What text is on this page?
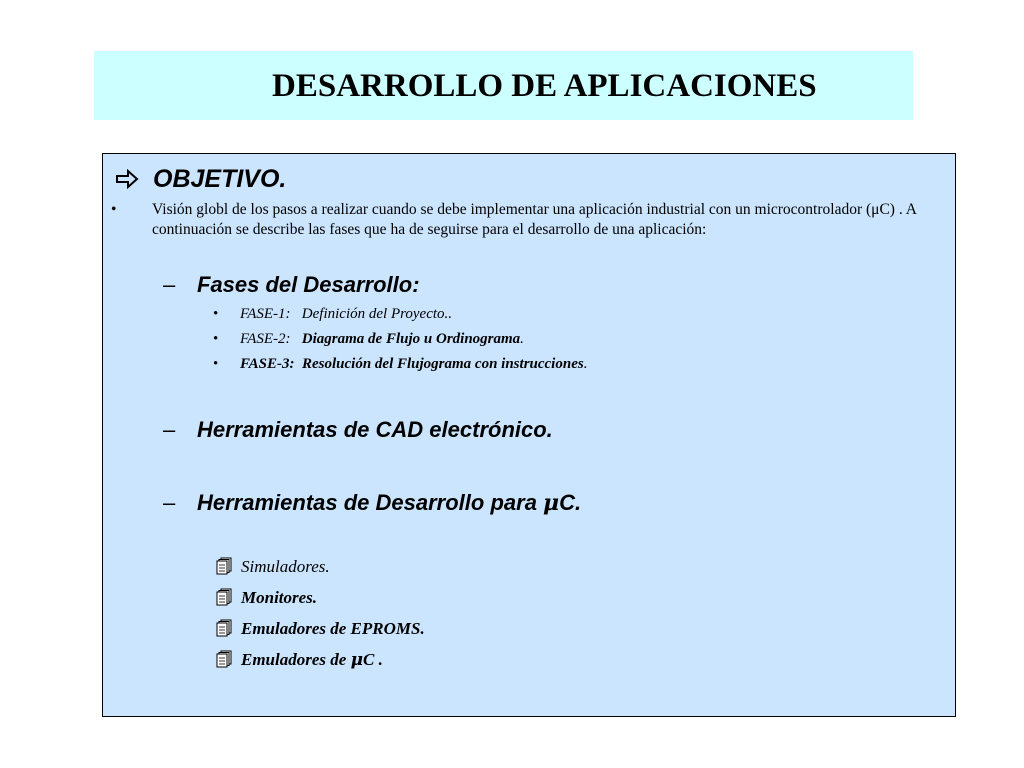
DESARROLLO DE APLICACIONES
OBJETIVO.
• Visión globl de los pasos a realizar cuando se debe implementar una aplicación industrial con un microcontrolador (μC) . A continuación se describe las fases que ha de seguirse para el desarrollo de una aplicación:
– Fases del Desarrollo:
• FASE-1: Definición del Proyecto..
• FASE-2: Diagrama de Flujo u Ordinograma.
• FASE-3: Resolución del Flujograma con instrucciones.
– Herramientas de CAD electrónico.
– Herramientas de Desarrollo para μC.
Simuladores.
Monitores.
Emuladores de EPROMS.
Emuladores de μC .
